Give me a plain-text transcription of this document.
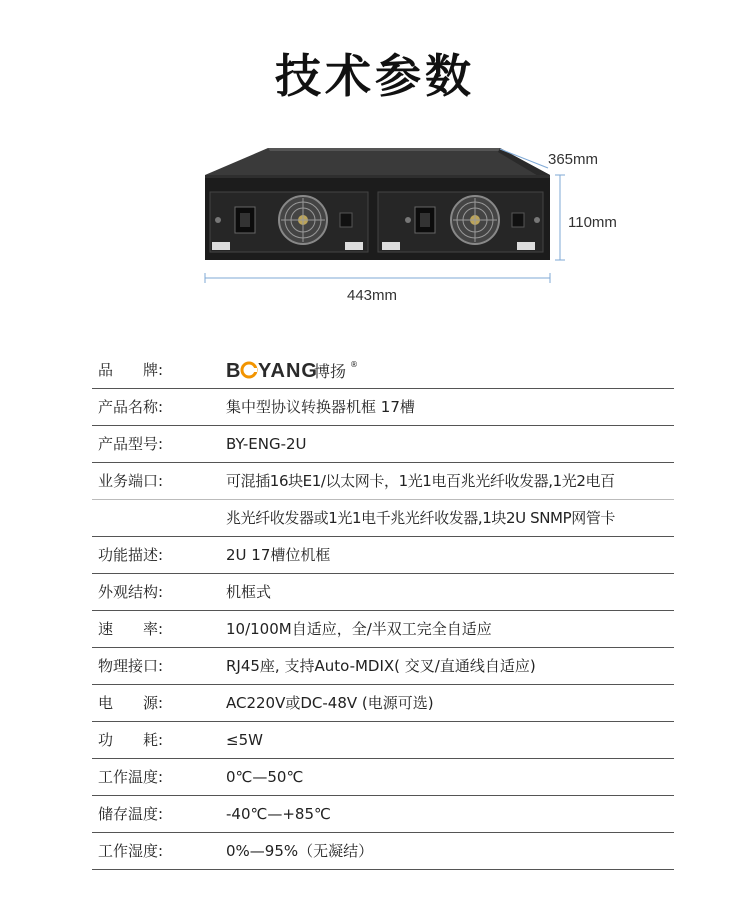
技术参数
365mm
110mm
443mm
品　　牌:	B YANG
博扬 ®
产品名称:	集中型协议转换器机框 17槽
产品型号:	BY-ENG-2U
业务端口:	可混插16块E1/以太网卡，1光1电百兆光纤收发器,1光2电百
兆光纤收发器或1光1电千兆光纤收发器,1块2U SNMP网管卡
功能描述:	2U 17槽位机框
外观结构:	机框式
速　　率:	10/100M自适应，全/半双工完全自适应
物理接口:	RJ45座, 支持Auto-MDIX( 交叉/直通线自适应)
电　　源:	AC220V或DC-48V (电源可选)
功　　耗:	≤5W
工作温度:	0℃—50℃
储存温度:	-40℃—+85℃
工作湿度:	0%—95%（无凝结）
